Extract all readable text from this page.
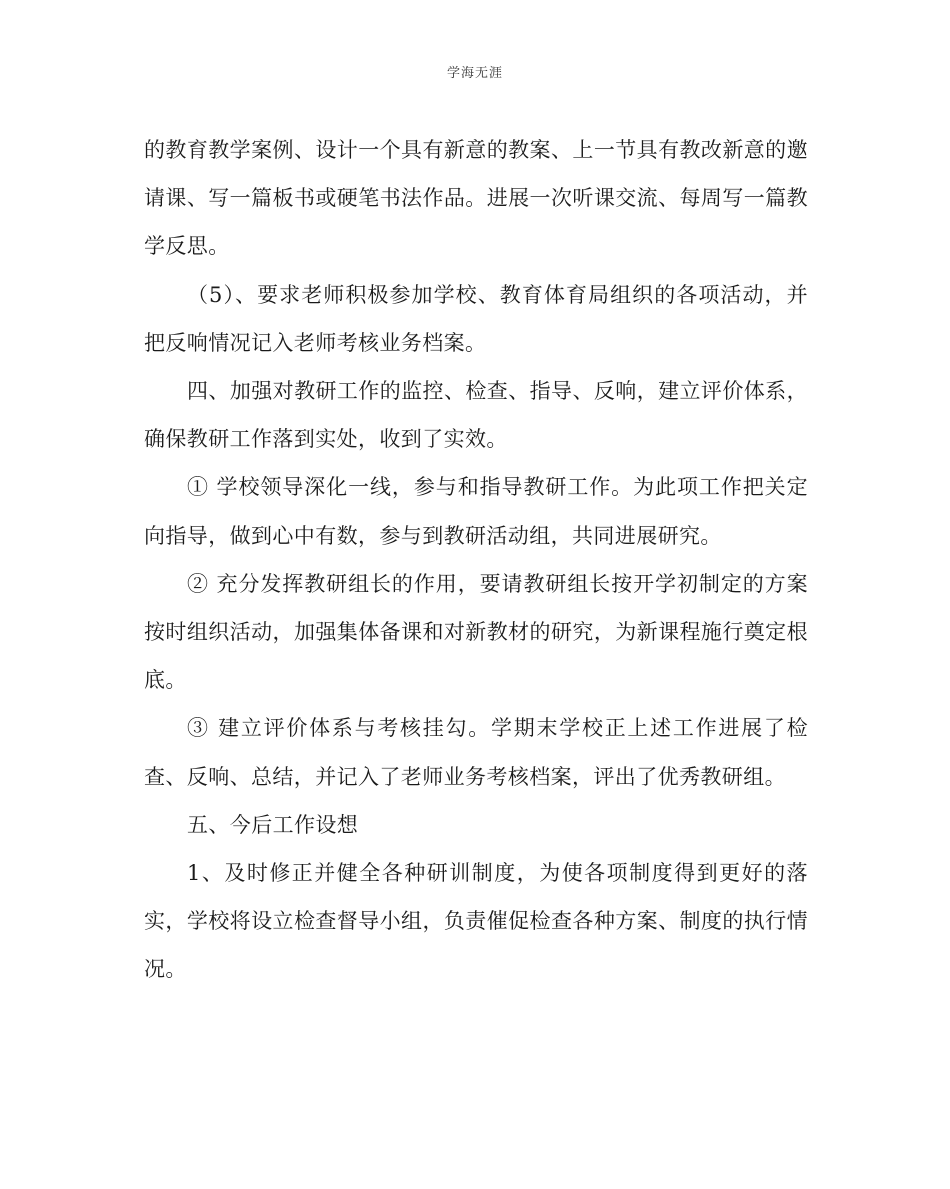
学海无涯

的教育教学案例、设计一个具有新意的教案、上一节具有教改新意的邀请课、写一篇板书或硬笔书法作品。进展一次听课交流、每周写一篇教学反思。

（5）、要求老师积极参加学校、教育体育局组织的各项活动，并把反响情况记入老师考核业务档案。

四、加强对教研工作的监控、检查、指导、反响，建立评价体系，确保教研工作落到实处，收到了实效。

① 学校领导深化一线，参与和指导教研工作。为此项工作把关定向指导，做到心中有数，参与到教研活动组，共同进展研究。

② 充分发挥教研组长的作用，要请教研组长按开学初制定的方案按时组织活动，加强集体备课和对新教材的研究，为新课程施行奠定根底。

③ 建立评价体系与考核挂勾。学期末学校正上述工作进展了检查、反响、总结，并记入了老师业务考核档案，评出了优秀教研组。

五、今后工作设想

1、及时修正并健全各种研训制度，为使各项制度得到更好的落实，学校将设立检查督导小组，负责催促检查各种方案、制度的执行情况。
